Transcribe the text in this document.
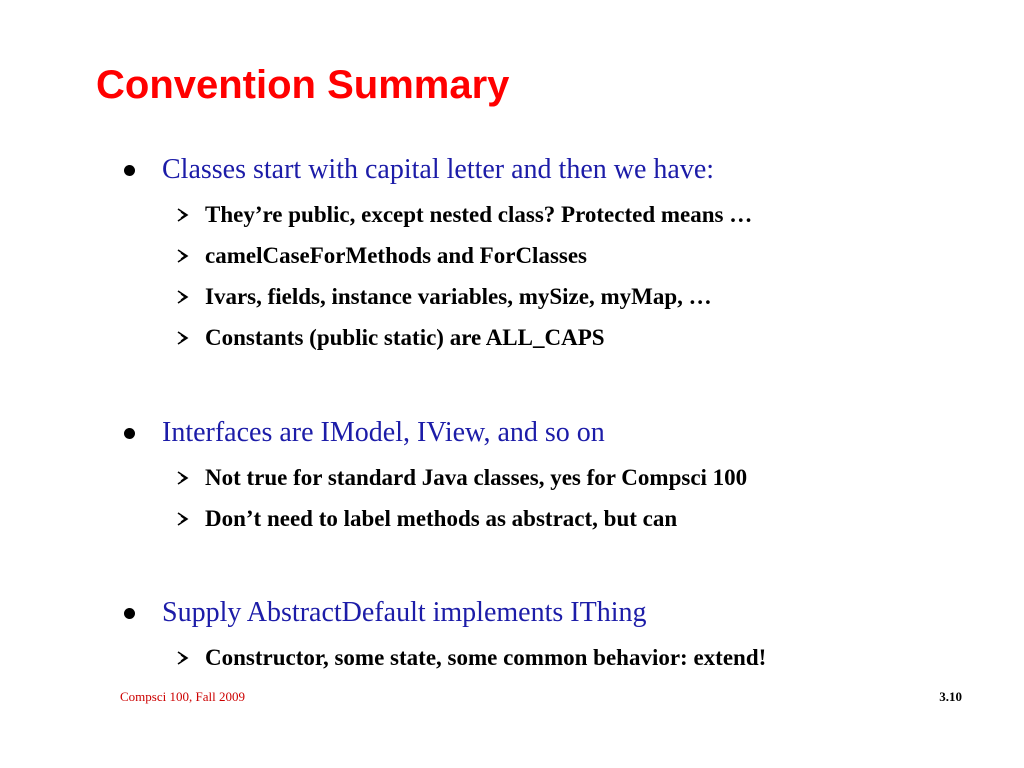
Convention Summary
Classes start with capital letter and then we have:
They’re public, except nested class? Protected means …
camelCaseForMethods and ForClasses
Ivars, fields, instance variables, mySize, myMap, …
Constants (public static) are ALL_CAPS
Interfaces are IModel, IView, and so on
Not true for standard Java classes, yes for Compsci 100
Don’t need to label methods as abstract, but can
Supply AbstractDefault implements IThing
Constructor, some state, some common behavior: extend!
Compsci 100, Fall 2009	3.10
